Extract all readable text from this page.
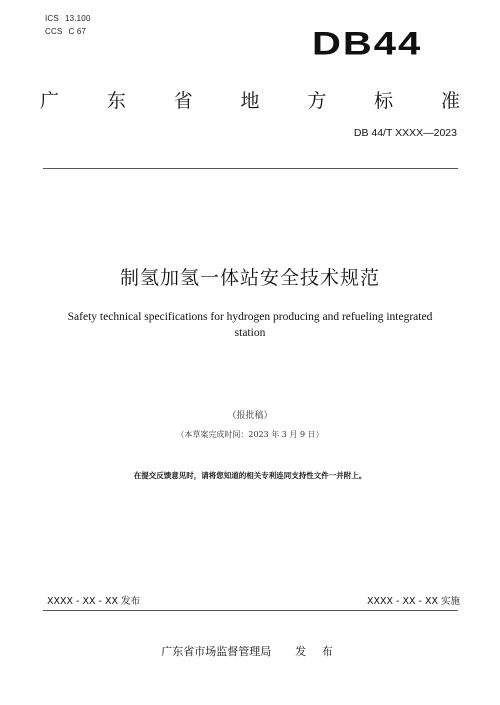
ICS 13.100
CCS C 67	DB44
广	东	省	地	方	标	准
DB 44/T XXXX—2023
制氢加氢一体站安全技术规范
Safety technical specifications for hydrogen producing and refueling integrated
station
（报批稿）
（本草案完成时间：2023 年 3 月 9 日）
在提交反馈意见时，请将您知道的相关专利连同支持性文件一并附上。
XXXX - XX - XX 发布	XXXX - XX - XX 实施
广东省市场监督管理局 发 布
